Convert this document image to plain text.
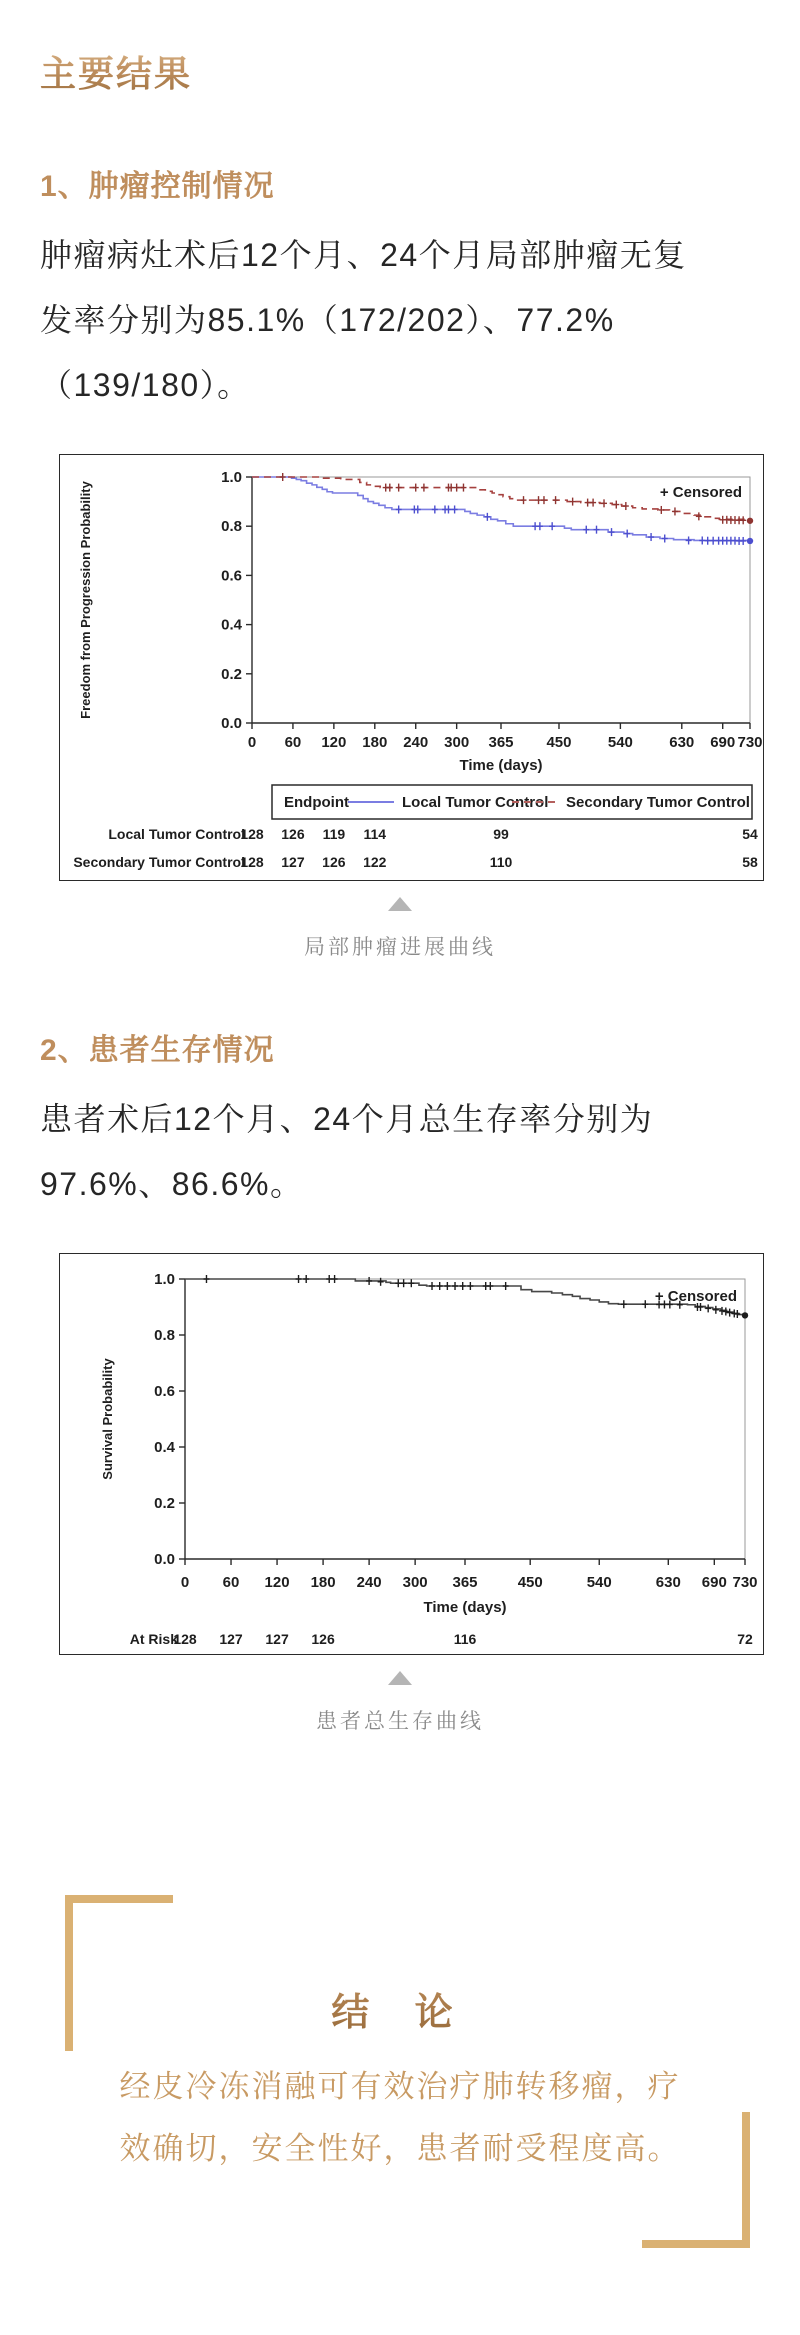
主要结果
1、肿瘤控制情况
肿瘤病灶术后12个月、24个月局部肿瘤无复
发率分别为85.1%（172/202）、77.2%
（139/180）。
1.0
0.8
0.6
0.4
0.2
0.0
0 60 120 180 240 300 365 450 540 630 690 730
Time (days)
Freedom from Progression Probability	+ Censored
Endpoint	Local Tumor Control Secondary Tumor Control
Local Tumor Control
128 126 119 114	99	54
Secondary Tumor Control
128 127 126 122	110	58
局部肿瘤进展曲线
2、患者生存情况
患者术后12个月、24个月总生存率分别为
97.6%、86.6%。
1.0
0.8
0.6
0.4
0.2
0.0
0 60 120 180 240 300 365	450	540	630 690 730
Time (days)
Survival Probability
+ Censored
At Risk
128 127 127 126	116	72
患者总生存曲线
结 论
经皮冷冻消融可有效治疗肺转移瘤，疗
效确切，安全性好，患者耐受程度高。
